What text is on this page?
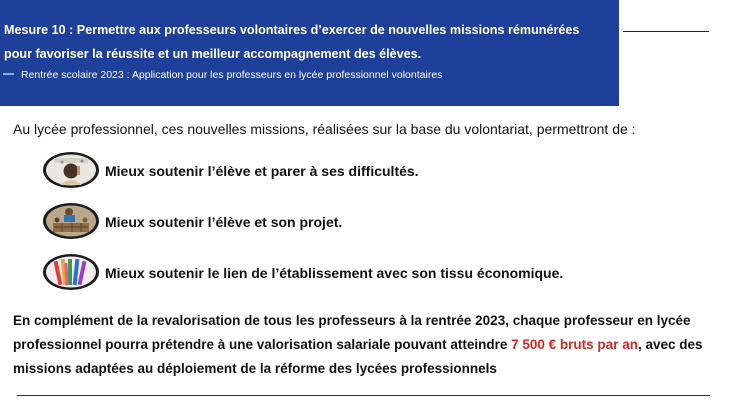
Mesure 10 : Permettre aux professeurs volontaires d’exercer de nouvelles missions rémunérées pour favoriser la réussite et un meilleur accompagnement des élèves.

Rentrée scolaire 2023 : Application pour les professeurs en lycée professionnel volontaires

Au lycée professionnel, ces nouvelles missions, réalisées sur la base du volontariat, permettront de :

Mieux soutenir l’élève et parer à ses difficultés.
Mieux soutenir l’élève et son projet.
Mieux soutenir le lien de l’établissement avec son tissu économique.

En complément de la revalorisation de tous les professeurs à la rentrée 2023, chaque professeur en lycée professionnel pourra prétendre à une valorisation salariale pouvant atteindre 7 500 € bruts par an, avec des missions adaptées au déploiement de la réforme des lycées professionnels
